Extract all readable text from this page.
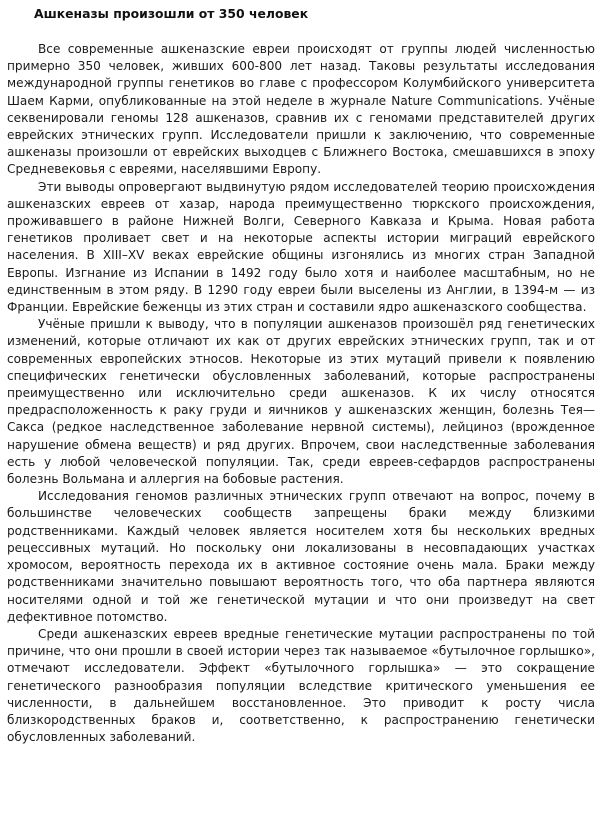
Ашкеназы произошли от 350 человек

Все современные ашкеназские евреи происходят от группы людей численностью примерно 350 человек, живших 600-800 лет назад. Таковы результаты исследования международной группы генетиков во главе с профессором Колумбийского университета Шаем Карми, опубликованные на этой неделе в журнале Nature Communications. Учёные секвенировали геномы 128 ашкеназов, сравнив их с геномами представителей других еврейских этнических групп. Исследователи пришли к заключению, что современные ашкеназы произошли от еврейских выходцев с Ближнего Востока, смешавшихся в эпоху Средневековья с евреями, населявшими Европу.

Эти выводы опровергают выдвинутую рядом исследователей теорию происхождения ашкеназских евреев от хазар, народа преимущественно тюркского происхождения, проживавшего в районе Нижней Волги, Северного Кавказа и Крыма. Новая работа генетиков проливает свет и на некоторые аспекты истории миграций еврейского населения. В XIII–XV веках еврейские общины изгонялись из многих стран Западной Европы. Изгнание из Испании в 1492 году было хотя и наиболее масштабным, но не единственным в этом ряду. В 1290 году евреи были выселены из Англии, в 1394-м — из Франции. Еврейские беженцы из этих стран и составили ядро ашкеназского сообщества.

Учёные пришли к выводу, что в популяции ашкеназов произошёл ряд генетических изменений, которые отличают их как от других еврейских этнических групп, так и от современных европейских этносов. Некоторые из этих мутаций привели к появлению специфических генетически обусловленных заболеваний, которые распространены преимущественно или исключительно среди ашкеназов. К их числу относятся предрасположенность к раку груди и яичников у ашкеназских женщин, болезнь Тея—Сакса (редкое наследственное заболевание нервной системы), лейциноз (врожденное нарушение обмена веществ) и ряд других. Впрочем, свои наследственные заболевания есть у любой человеческой популяции. Так, среди евреев-сефардов распространены болезнь Вольмана и аллергия на бобовые растения.

Исследования геномов различных этнических групп отвечают на вопрос, почему в большинстве человеческих сообществ запрещены браки между близкими родственниками. Каждый человек является носителем хотя бы нескольких вредных рецессивных мутаций. Но поскольку они локализованы в несовпадающих участках хромосом, вероятность перехода их в активное состояние очень мала. Браки между родственниками значительно повышают вероятность того, что оба партнера являются носителями одной и той же генетической мутации и что они произведут на свет дефективное потомство.

Среди ашкеназских евреев вредные генетические мутации распространены по той причине, что они прошли в своей истории через так называемое «бутылочное горлышко», отмечают исследователи. Эффект «бутылочного горлышка» — это сокращение генетического разнообразия популяции вследствие критического уменьшения ее численности, в дальнейшем восстановленное. Это приводит к росту числа близкородственных браков и, соответственно, к распространению генетически обусловленных заболеваний.
